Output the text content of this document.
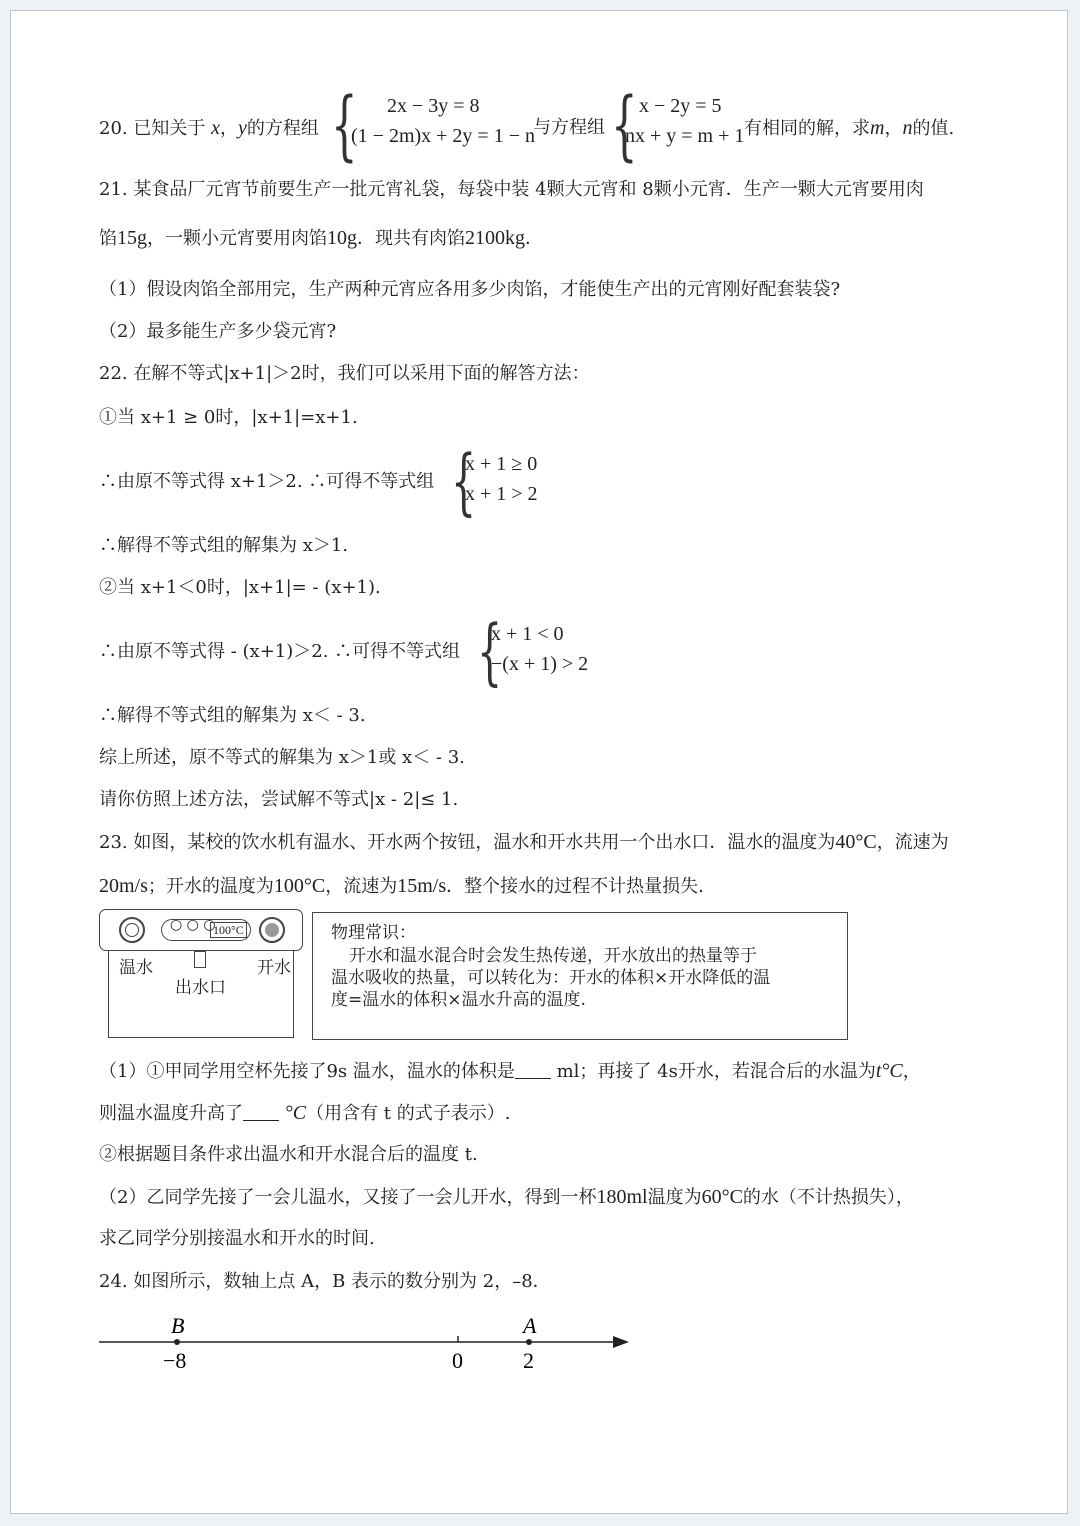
20. 已知关于 x，y的方程组 {	2x − 3y = 8
(1 − 2m)x + 2y = 1 − n
与方程组 { x − 2y = 5
nx + y = m + 1 有相同的解，求m，n的值.
21. 某食品厂元宵节前要生产一批元宵礼袋，每袋中装 4颗大元宵和 8颗小元宵．生产一颗大元宵要用肉
馅15g，一颗小元宵要用肉馅10g．现共有肉馅2100kg．
（1）假设肉馅全部用完，生产两种元宵应各用多少肉馅，才能使生产出的元宵刚好配套装袋?
（2）最多能生产多少袋元宵?
22. 在解不等式|x+1|＞2时，我们可以采用下面的解答方法：
①当 x+1 ≥ 0时，|x+1|=x+1.
∴由原不等式得 x+1＞2. ∴可得不等式组 {
x + 1 ≥ 0
x + 1 > 2
∴解得不等式组的解集为 x＞1.
②当 x+1＜0时，|x+1|= - (x+1).
∴由原不等式得 - (x+1)＞2. ∴可得不等式组 {
x + 1 < 0
−(x + 1) > 2
∴解得不等式组的解集为 x＜ - 3.
综上所述，原不等式的解集为 x＞1或 x＜ - 3.
请你仿照上述方法，尝试解不等式|x - 2|≤ 1.
23. 如图，某校的饮水机有温水、开水两个按钮，温水和开水共用一个出水口．温水的温度为40°C，流速为
20m/s；开水的温度为100°C，流速为15m/s．整个接水的过程不计热量损失.
○ ○ ○
100°C
温水
出水口
开水
物理常识：
开水和温水混合时会发生热传递，开水放出的热量等于
温水吸收的热量，可以转化为：开水的体积×开水降低的温
度=温水的体积×温水升高的温度.
（1）①甲同学用空杯先接了9s 温水，温水的体积是 ml；再接了 4s开水，若混合后的水温为t°C，
则温水温度升高了 °C（用含有 t 的式子表示）.
②根据题目条件求出温水和开水混合后的温度 t.
（2）乙同学先接了一会儿温水，又接了一会儿开水，得到一杯180ml温度为60°C的水（不计热损失），
求乙同学分别接温水和开水的时间.
24. 如图所示，数轴上点 A，B 表示的数分别为 2，–8．
B	A
−8	0	2
